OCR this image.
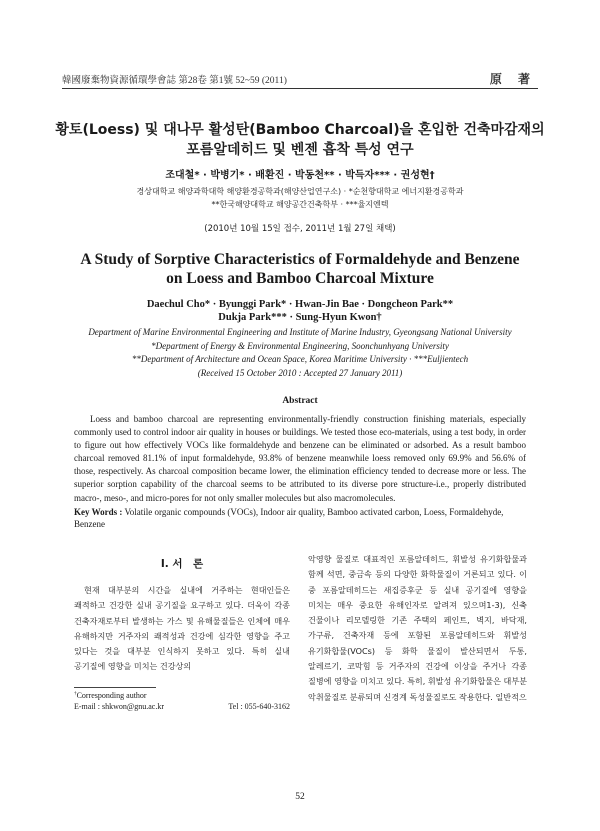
韓國廢棄物資源循環學會誌 第28卷 第1號 52~59 (2011)	原 著
황토(Loess) 및 대나무 활성탄(Bamboo Charcoal)을 혼입한 건축마감재의
포름알데히드 및 벤젠 흡착 특성 연구
조대철* · 박병기* · 배환진 · 박동천** · 박득자*** · 권성현†
경상대학교 해양과학대학 해양환경공학과(해양산업연구소) · *순천향대학교 에너지환경공학과
**한국해양대학교 해양공간건축학부 · ***율지엔텍
(2010년 10월 15일 접수, 2011년 1월 27일 채택)
A Study of Sorptive Characteristics of Formaldehyde and Benzene
on Loess and Bamboo Charcoal Mixture
Daechul Cho* · Byunggi Park* · Hwan-Jin Bae · Dongcheon Park**
Dukja Park*** · Sung-Hyun Kwon†
Department of Marine Environmental Engineering and Institute of Marine Industry, Gyeongsang National University
*Department of Energy & Environmental Engineering, Soonchunhyang University
**Department of Architecture and Ocean Space, Korea Maritime University · ***Euljientech
(Received 15 October 2010 : Accepted 27 January 2011)
Abstract

Loess and bamboo charcoal are representing environmentally-friendly construction finishing materials, especially commonly used to control indoor air quality in houses or buildings. We tested those eco-materials, using a test body, in order to figure out how effectively VOCs like formaldehyde and benzene can be eliminated or adsorbed. As a result bamboo charcoal removed 81.1% of input formaldehyde, 93.8% of benzene meanwhile loess removed only 69.9% and 56.6% of those, respectively. As charcoal composition became lower, the elimination efficiency tended to decrease more or less. The superior sorption capability of the charcoal seems to be attributed to its diverse pore structure-i.e., properly distributed macro-, meso-, and micro-pores for not only smaller molecules but also macromolecules.

Key Words : Volatile organic compounds (VOCs), Indoor air quality, Bamboo activated carbon, Loess, Formaldehyde, Benzene

I. 서　론

현재 대부분의 시간을 실내에 거주하는 현대인들은 쾌적하고 건강한 실내 공기질을 요구하고 있다. 더욱이 각종 건축자재로부터 발생하는 가스 및 유해물질들은 인체에 매우 유해하지만 거주자의 쾌적성과 건강에 심각한 영향을 주고 있다는 것을 대부분 인식하지 못하고 있다. 특히 실내 공기질에 영향을 미치는 건강상의

악영향 물질로 대표적인 포름알데히드, 휘발성 유기화합물과 함께 석면, 중금속 등의 다양한 화학물질이 거론되고 있다. 이 중 포름알데히드는 새집증후군 등 실내 공기질에 영향을 미치는 매우 중요한 유해인자로 알려져 있으며1-3), 신축 건물이나 리모델링한 기존 주택의 페인트, 벽지, 바닥재, 가구류, 건축자재 등에 포함된 포름알데히드와 휘발성 유기화합물(VOCs) 등 화학 물질이 발산되면서 두통, 알레르기, 코막힘 등 거주자의 건강에 이상을 주거나 각종 질병에 영향을 미치고 있다. 특히, 휘발성 유기화합물은 대부분 악취물질로 분류되며 신경계 독성물질로도 작용한다. 일반적으

†Corresponding author
E-mail : shkwon@gnu.ac.kr	Tel : 055-640-3162
52
